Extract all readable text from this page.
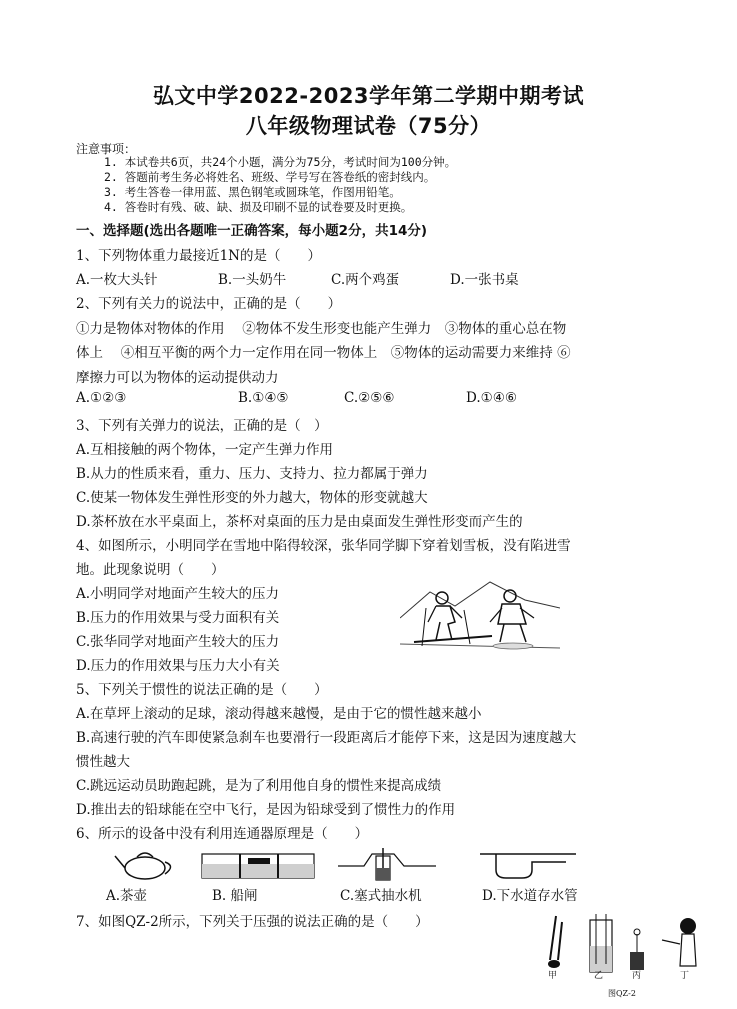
弘文中学2022-2023学年第二学期中期考试
八年级物理试卷（75分）
注意事项：
1. 本试卷共6页，共24个小题，满分为75分，考试时间为100分钟。
2. 答题前考生务必将姓名、班级、学号写在答卷纸的密封线内。
3. 考生答卷一律用蓝、黑色钢笔或圆珠笔，作图用铅笔。
4. 答卷时有残、破、缺、损及印刷不显的试卷要及时更换。
一、选择题(选出各题唯一正确答案，每小题2分，共14分)
1、下列物体重力最接近1N的是（　　）
A.一枚大头针	B.一头奶牛	C.两个鸡蛋	D.一张书桌
2、下列有关力的说法中，正确的是（　　）
①力是物体对物体的作用　 ②物体不发生形变也能产生弹力　③物体的重心总在物
体上　 ④相互平衡的两个力一定作用在同一物体上　⑤物体的运动需要力来维持 ⑥
摩擦力可以为物体的运动提供动力
A.①②③	B.①④⑤	C.②⑤⑥	D.①④⑥
3、下列有关弹力的说法，正确的是（　）
A.互相接触的两个物体，一定产生弹力作用
B.从力的性质来看，重力、压力、支持力、拉力都属于弹力
C.使某一物体发生弹性形变的外力越大，物体的形变就越大
D.茶杯放在水平桌面上，茶杯对桌面的压力是由桌面发生弹性形变而产生的
4、如图所示，小明同学在雪地中陷得较深，张华同学脚下穿着划雪板，没有陷进雪
地。此现象说明（　　）
A.小明同学对地面产生较大的压力
B.压力的作用效果与受力面积有关
C.张华同学对地面产生较大的压力
D.压力的作用效果与压力大小有关
5、下列关于惯性的说法正确的是（　　）
A.在草坪上滚动的足球，滚动得越来越慢，是由于它的惯性越来越小
B.高速行驶的汽车即使紧急刹车也要滑行一段距离后才能停下来，这是因为速度越大
惯性越大
C.跳远运动员助跑起跳，是为了利用他自身的惯性来提高成绩
D.推出去的铅球能在空中飞行，是因为铅球受到了惯性力的作用
6、所示的设备中没有利用连通器原理是（　　）
A.茶壶	B. 船闸	C.塞式抽水机	D.下水道存水管
7、如图QZ-2所示，下列关于压强的说法正确的是（　　）
甲	乙	丙	丁
图QZ-2
